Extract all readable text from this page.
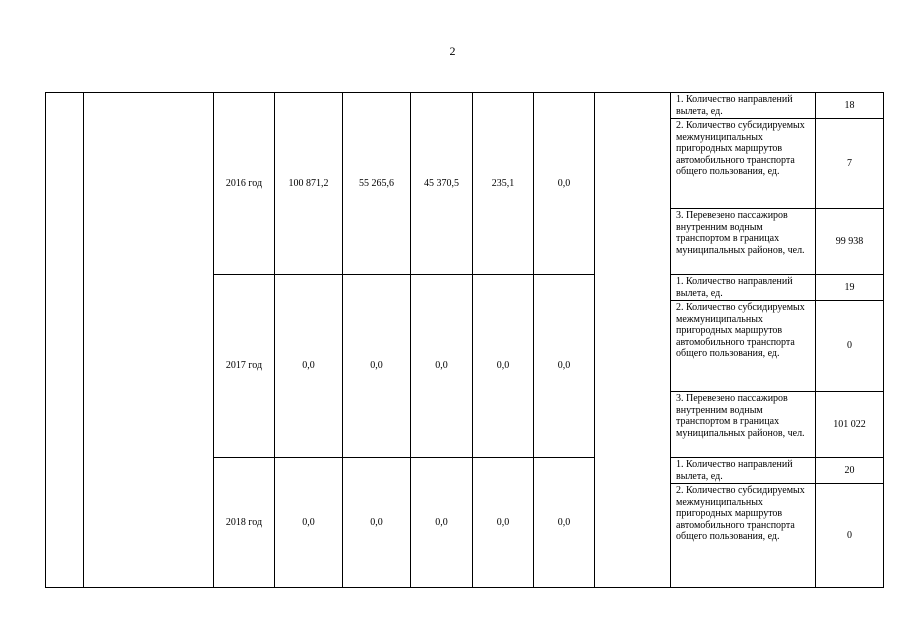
2
		2016 год	100 871,2	55 265,6	45 370,5	235,1	0,0		1. Количество направлений вылета, ед.	18
									2. Количество субсидируемых межмуниципальных пригородных маршрутов автомобильного транспорта общего пользования, ед.	7
									3. Перевезено пассажиров внутренним водным транспортом в границах муниципальных районов, чел.	99 938
		2017 год	0,0	0,0	0,0	0,0	0,0		1. Количество направлений вылета, ед.	19
									2. Количество субсидируемых межмуниципальных пригородных маршрутов автомобильного транспорта общего пользования, ед.	0
									3. Перевезено пассажиров внутренним водным транспортом в границах муниципальных районов, чел.	101 022
		2018 год	0,0	0,0	0,0	0,0	0,0		1. Количество направлений вылета, ед.	20
									2. Количество субсидируемых межмуниципальных пригородных маршрутов автомобильного транспорта общего пользования, ед.	0
